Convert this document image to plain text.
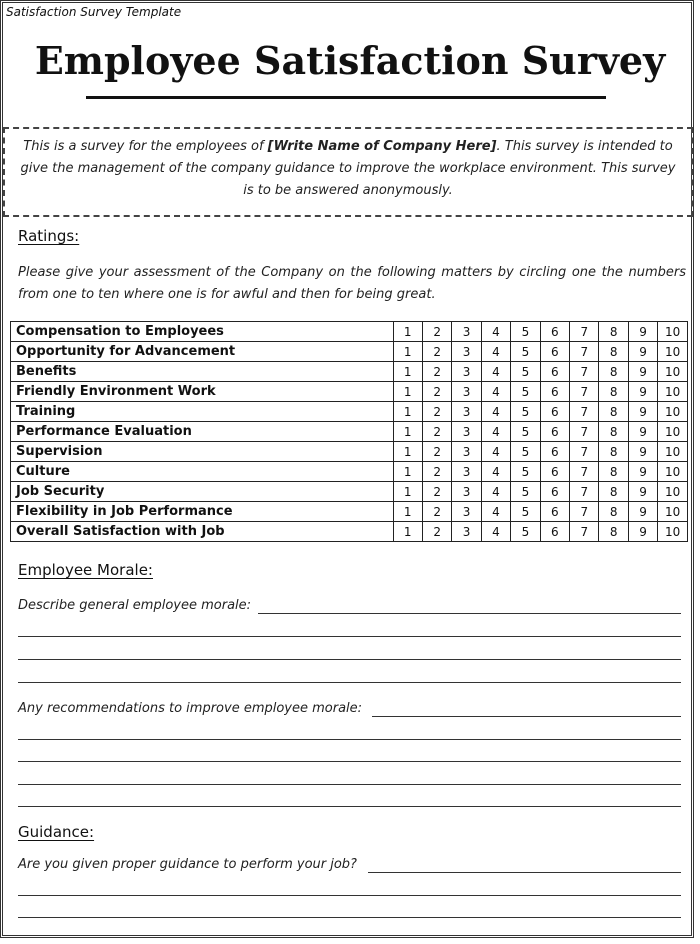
Satisfaction Survey Template
Employee Satisfaction Survey
This is a survey for the employees of [Write Name of Company Here]. This survey is intended to give the management of the company guidance to improve the workplace environment. This survey is to be answered anonymously.
Ratings:
Please give your assessment of the Company on the following matters by circling one the numbers from one to ten where one is for awful and then for being great.
Compensation to Employees	1	2	3	4	5	6	7	8	9	10
Opportunity for Advancement	1	2	3	4	5	6	7	8	9	10
Benefits	1	2	3	4	5	6	7	8	9	10
Friendly Environment Work	1	2	3	4	5	6	7	8	9	10
Training	1	2	3	4	5	6	7	8	9	10
Performance Evaluation	1	2	3	4	5	6	7	8	9	10
Supervision	1	2	3	4	5	6	7	8	9	10
Culture	1	2	3	4	5	6	7	8	9	10
Job Security	1	2	3	4	5	6	7	8	9	10
Flexibility in Job Performance	1	2	3	4	5	6	7	8	9	10
Overall Satisfaction with Job	1	2	3	4	5	6	7	8	9	10
Employee Morale:
Describe general employee morale:
Any recommendations to improve employee morale:
Guidance:
Are you given proper guidance to perform your job?
